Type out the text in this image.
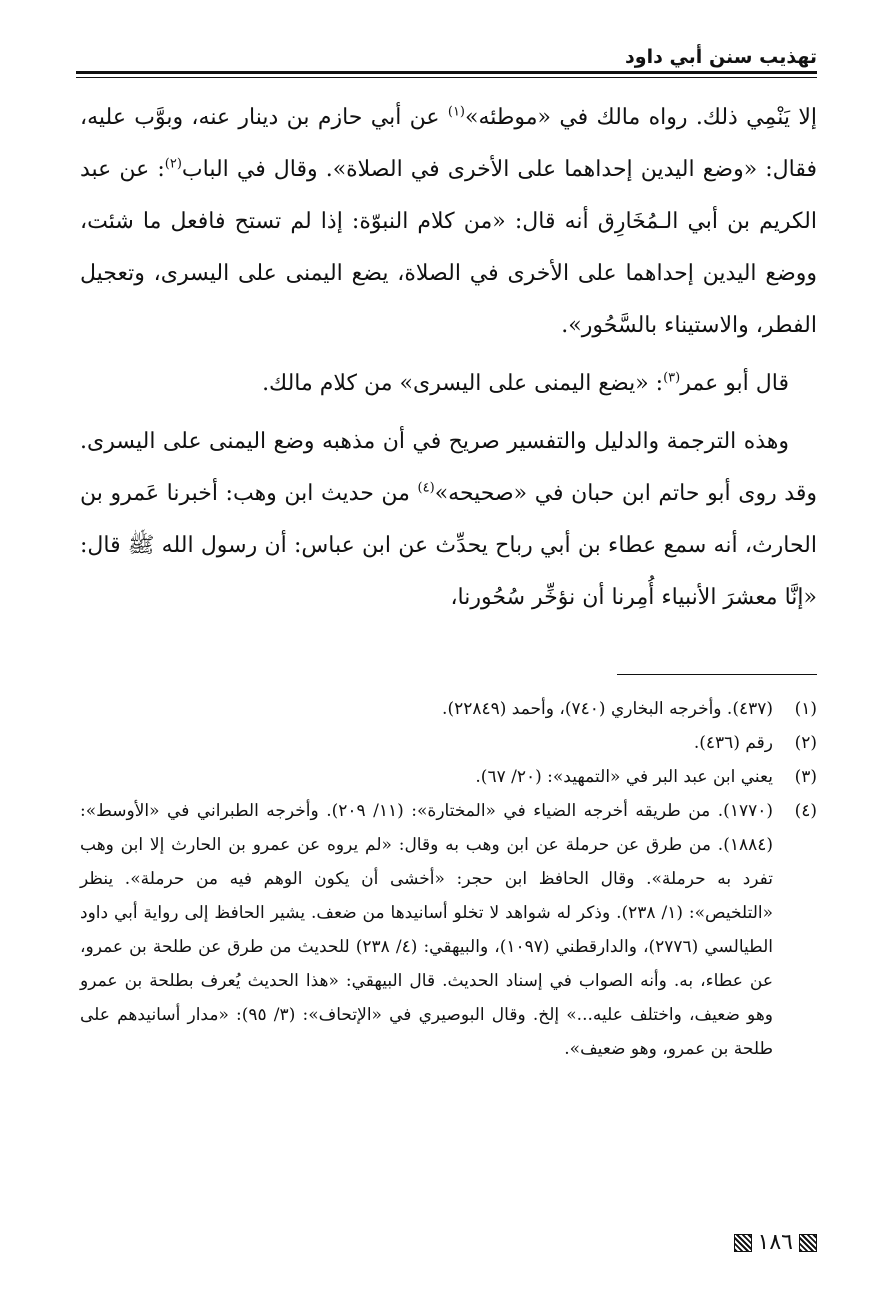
تهذيب سنن أبي داود

إلا يَنْمِي ذلك. رواه مالك في «موطئه»$^{(١)}$ عن أبي حازم بن دينار عنه، وبوَّب عليه، فقال: «وضع اليدين إحداهما على الأخرى في الصلاة». وقال في الباب$^{(٢)}$: عن عبد الكريم بن أبي الـمُخَارِق أنه قال: «من كلام النبوّة: إذا لم تستح فافعل ما شئت، ووضع اليدين إحداهما على الأخرى في الصلاة، يضع اليمنى على اليسرى، وتعجيل الفطر، والاستيناء بالسَّحُور».

قال أبو عمر$^{(٣)}$: «يضع اليمنى على اليسرى» من كلام مالك.

وهذه الترجمة والدليل والتفسير صريح في أن مذهبه وضع اليمنى على اليسرى. وقد روى أبو حاتم ابن حبان في «صحيحه»$^{(٤)}$ من حديث ابن وهب: أخبرنا عَمرو بن الحارث، أنه سمع عطاء بن أبي رباح يحدِّث عن ابن عباس: أن رسول الله ﷺ قال: «إنَّا معشرَ الأنبياء أُمِرنا أن نؤخِّر سُحُورنا،

(١)
(٤٣٧). وأخرجه البخاري (٧٤٠)، وأحمد (٢٢٨٤٩).

(٢)
رقم (٤٣٦).

(٣)
يعني ابن عبد البر في «التمهيد»: (٢٠/ ٦٧).

(٤)
(١٧٧٠). من طريقه أخرجه الضياء في «المختارة»: (١١/ ٢٠٩). وأخرجه الطبراني في «الأوسط»: (١٨٨٤). من طرق عن حرملة عن ابن وهب به وقال: «لم يروه عن عمرو بن الحارث إلا ابن وهب تفرد به حرملة». وقال الحافظ ابن حجر: «أخشى أن يكون الوهم فيه من حرملة». ينظر «التلخيص»: (١/ ٢٣٨). وذكر له شواهد لا تخلو أسانيدها من ضعف. يشير الحافظ إلى رواية أبي داود الطيالسي (٢٧٧٦)، والدارقطني (١٠٩٧)، والبيهقي: (٤/ ٢٣٨) للحديث من طرق عن طلحة بن عمرو، عن عطاء، به. وأنه الصواب في إسناد الحديث. قال البيهقي: «هذا الحديث يُعرف بطلحة بن عمرو وهو ضعيف، واختلف عليه...» إلخ. وقال البوصيري في «الإتحاف»: (٣/ ٩٥): «مدار أسانيدهم على طلحة بن عمرو، وهو ضعيف».

١٨٦
